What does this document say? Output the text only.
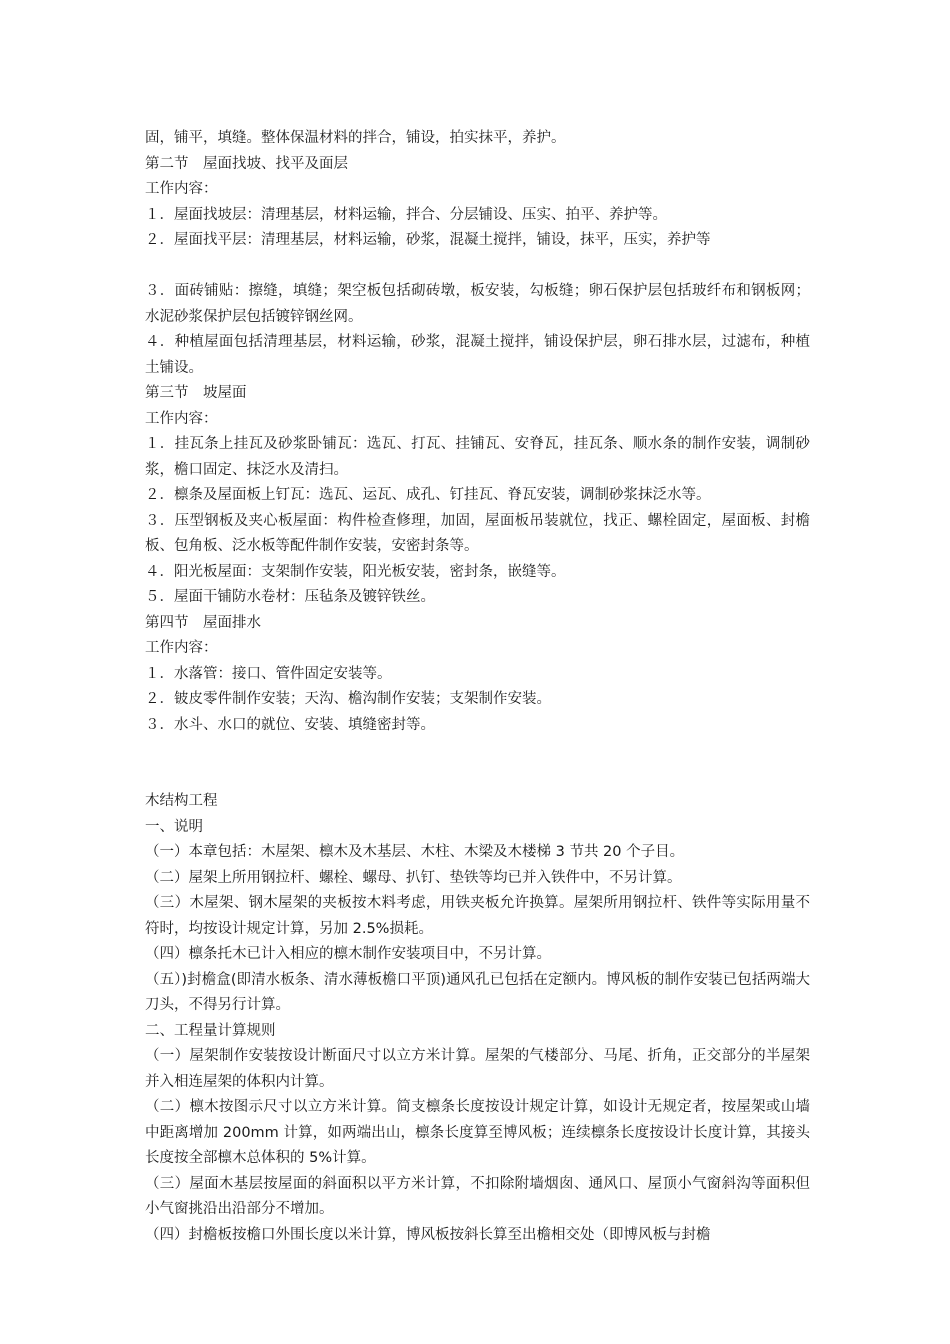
固，铺平，填缝。整体保温材料的拌合，铺设，拍实抹平，养护。

第二节　屋面找坡、找平及面层

工作内容：

１．屋面找坡层：清理基层，材料运输，拌合、分层铺设、压实、拍平、养护等。

２．屋面找平层：清理基层，材料运输，砂浆，混凝土搅拌，铺设，抹平，压实，养护等

３．面砖铺贴：擦缝，填缝；架空板包括砌砖墩，板安装，勾板缝；卵石保护层包括玻纤布和钢板网；水泥砂浆保护层包括镀锌钢丝网。

４．种植屋面包括清理基层，材料运输，砂浆，混凝土搅拌，铺设保护层，卵石排水层，过滤布，种植土铺设。

第三节　坡屋面

工作内容：

１．挂瓦条上挂瓦及砂浆卧铺瓦：选瓦、打瓦、挂铺瓦、安脊瓦，挂瓦条、顺水条的制作安装，调制砂浆，檐口固定、抹泛水及清扫。

２．檩条及屋面板上钉瓦：选瓦、运瓦、成孔、钉挂瓦、脊瓦安装，调制砂浆抹泛水等。

３．压型钢板及夹心板屋面：构件检查修理，加固，屋面板吊装就位，找正、螺栓固定，屋面板、封檐板、包角板、泛水板等配件制作安装，安密封条等。

４．阳光板屋面：支架制作安装，阳光板安装，密封条，嵌缝等。

５．屋面干铺防水卷材：压毡条及镀锌铁丝。

第四节　屋面排水

工作内容：

１．水落管：接口、管件固定安装等。

２．铍皮零件制作安装；天沟、檐沟制作安装；支架制作安装。

３．水斗、水口的就位、安装、填缝密封等。

木结构工程

一、说明

（一）本章包括：木屋架、檩木及木基层、木柱、木梁及木楼梯 3 节共 20 个子目。

（二）屋架上所用钢拉杆、螺栓、螺母、扒钉、垫铁等均已并入铁件中，不另计算。

（三）木屋架、钢木屋架的夹板按木料考虑，用铁夹板允许换算。屋架所用钢拉杆、铁件等实际用量不符时，均按设计规定计算，另加 2.5%损耗。

（四）檩条托木已计入相应的檩木制作安装项目中，不另计算。

（五）)封檐盒(即清水板条、清水薄板檐口平顶)通风孔已包括在定额内。博风板的制作安装已包括两端大刀头，不得另行计算。

二、工程量计算规则

（一）屋架制作安装按设计断面尺寸以立方米计算。屋架的气楼部分、马尾、折角，正交部分的半屋架并入相连屋架的体积内计算。

（二）檩木按图示尺寸以立方米计算。简支檩条长度按设计规定计算，如设计无规定者，按屋架或山墙中距离增加 200mm 计算，如两端出山，檩条长度算至博风板；连续檩条长度按设计长度计算，其接头长度按全部檩木总体积的 5%计算。

（三）屋面木基层按屋面的斜面积以平方米计算，不扣除附墙烟囱、通风口、屋顶小气窗斜沟等面积但小气窗挑沿出沿部分不增加。

（四）封檐板按檐口外围长度以米计算，博风板按斜长算至出檐相交处（即博风板与封檐
